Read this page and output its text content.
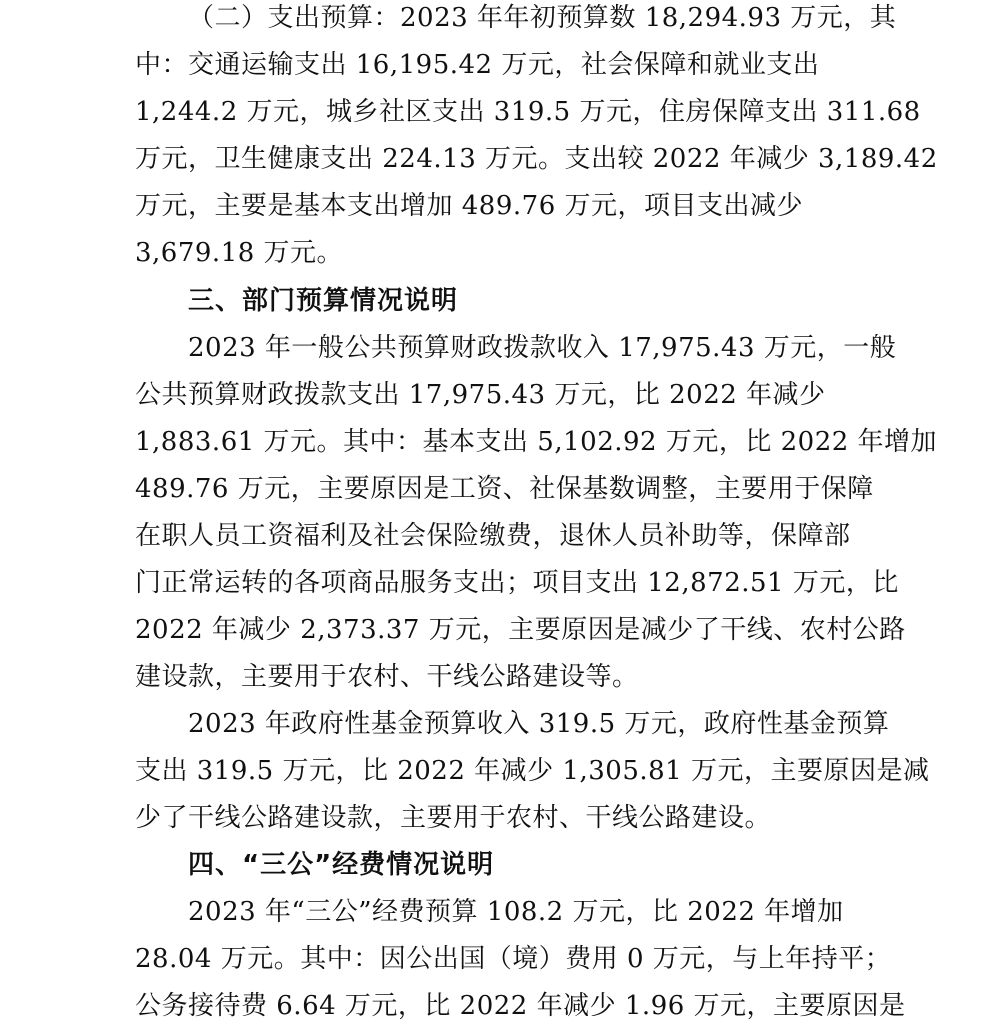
（二）支出预算：2023 年年初预算数 18,294.93 万元，其
中：交通运输支出 16,195.42 万元，社会保障和就业支出
1,244.2 万元，城乡社区支出 319.5 万元，住房保障支出 311.68
万元，卫生健康支出 224.13 万元。支出较 2022 年减少 3,189.42
万元，主要是基本支出增加 489.76 万元，项目支出减少
3,679.18 万元。
三、部门预算情况说明
2023 年一般公共预算财政拨款收入 17,975.43 万元，一般
公共预算财政拨款支出 17,975.43 万元，比 2022 年减少
1,883.61 万元。其中：基本支出 5,102.92 万元，比 2022 年增加
489.76 万元，主要原因是工资、社保基数调整，主要用于保障
在职人员工资福利及社会保险缴费，退休人员补助等，保障部
门正常运转的各项商品服务支出；项目支出 12,872.51 万元，比
2022 年减少 2,373.37 万元，主要原因是减少了干线、农村公路
建设款，主要用于农村、干线公路建设等。
2023 年政府性基金预算收入 319.5 万元，政府性基金预算
支出 319.5 万元，比 2022 年减少 1,305.81 万元，主要原因是减
少了干线公路建设款，主要用于农村、干线公路建设。
四、“三公”经费情况说明
2023 年“三公”经费预算 108.2 万元，比 2022 年增加
28.04 万元。其中：因公出国（境）费用 0 万元，与上年持平；
公务接待费 6.64 万元，比 2022 年减少 1.96 万元，主要原因是
